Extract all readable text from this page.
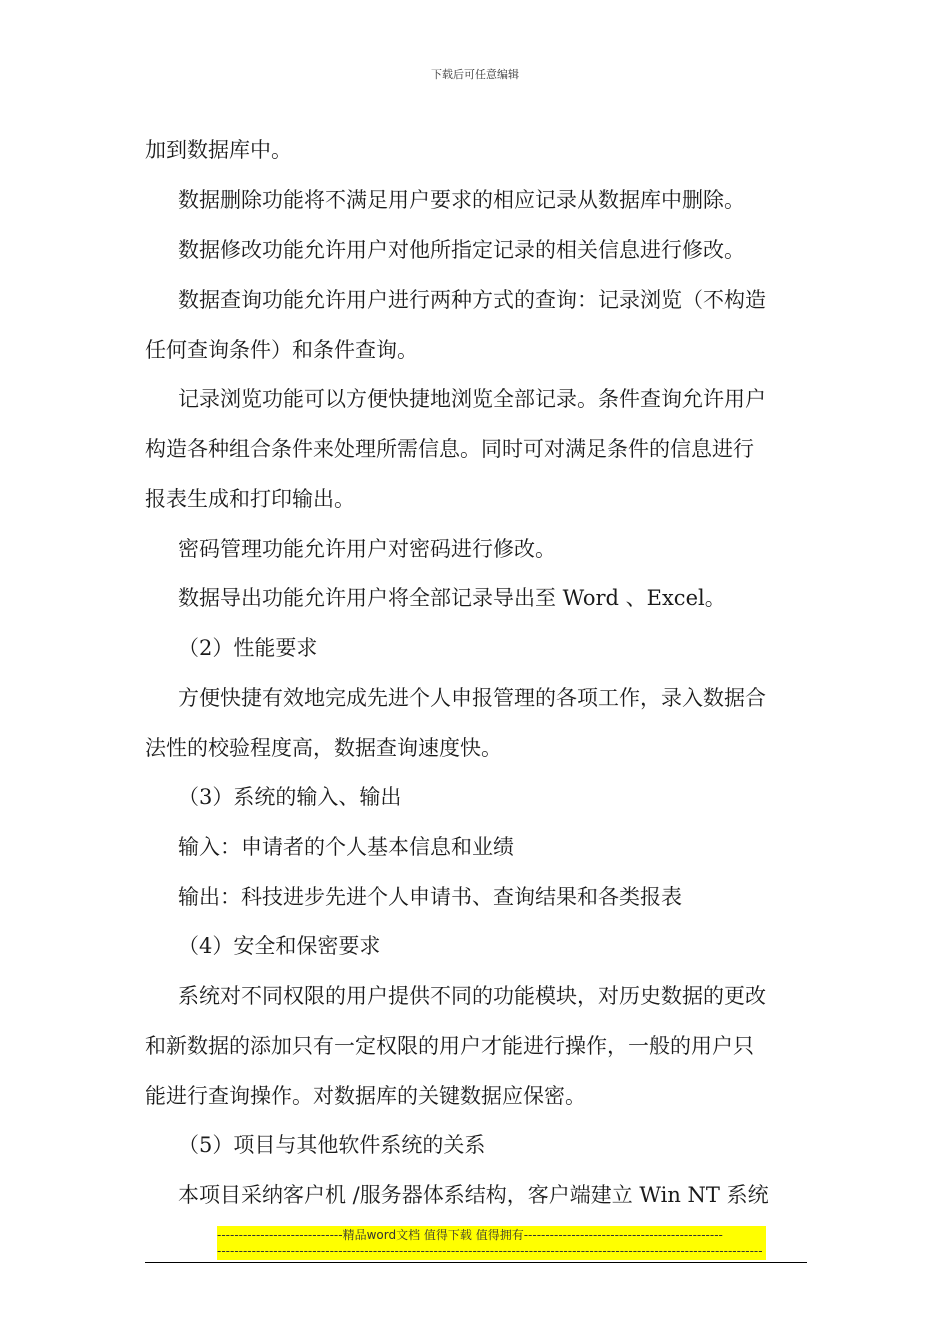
下载后可任意编辑
加到数据库中。
数据删除功能将不满足用户要求的相应记录从数据库中删除。
数据修改功能允许用户对他所指定记录的相关信息进行修改。
数据查询功能允许用户进行两种方式的查询：记录浏览（不构造
任何查询条件）和条件查询。
记录浏览功能可以方便快捷地浏览全部记录。条件查询允许用户
构造各种组合条件来处理所需信息。同时可对满足条件的信息进行
报表生成和打印输出。
密码管理功能允许用户对密码进行修改。
数据导出功能允许用户将全部记录导出至 Word 、Excel。
（2）性能要求
方便快捷有效地完成先进个人申报管理的各项工作，录入数据合
法性的校验程度高，数据查询速度快。
（3）系统的输入、输出
输入：申请者的个人基本信息和业绩
输出：科技进步先进个人申请书、查询结果和各类报表
（4）安全和保密要求
系统对不同权限的用户提供不同的功能模块，对历史数据的更改
和新数据的添加只有一定权限的用户才能进行操作，一般的用户只
能进行查询操作。对数据库的关键数据应保密。
（5）项目与其他软件系统的关系
本项目采纳客户机 /服务器体系结构，客户端建立 Win NT 系统
-----------------------------精品word文档 值得下载 值得拥有----------------------------------------------
------------------------------------------------------------------------------------------------------------------------------
